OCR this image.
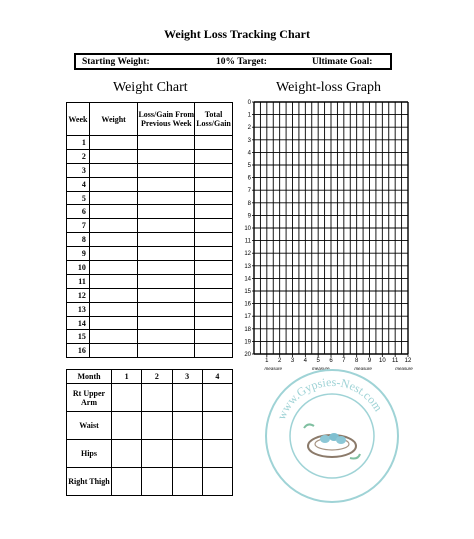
Weight Loss Tracking Chart
Starting Weight:	10% Target:	Ultimate Goal:
Weight Chart	Weight-loss Graph
Week	Weight	Loss/Gain From Previous Week	Total Loss/Gain
1			
2			
3			
4			
5			
6			
7			
8			
9			
10			
11			
12			
13			
14			
15			
16			
0
1
2
3
4
5
6
7
8
9
10
11
12
13
14
15
16
17
18
19
20
1 2 3 4 5 6 7 8 9 10 11 12
measure	measure	measure	measure
Month	1	2	3	4
Rt Upper Arm				
Waist				
Hips				
Right Thigh				
www.Gypsies-Nest.com
